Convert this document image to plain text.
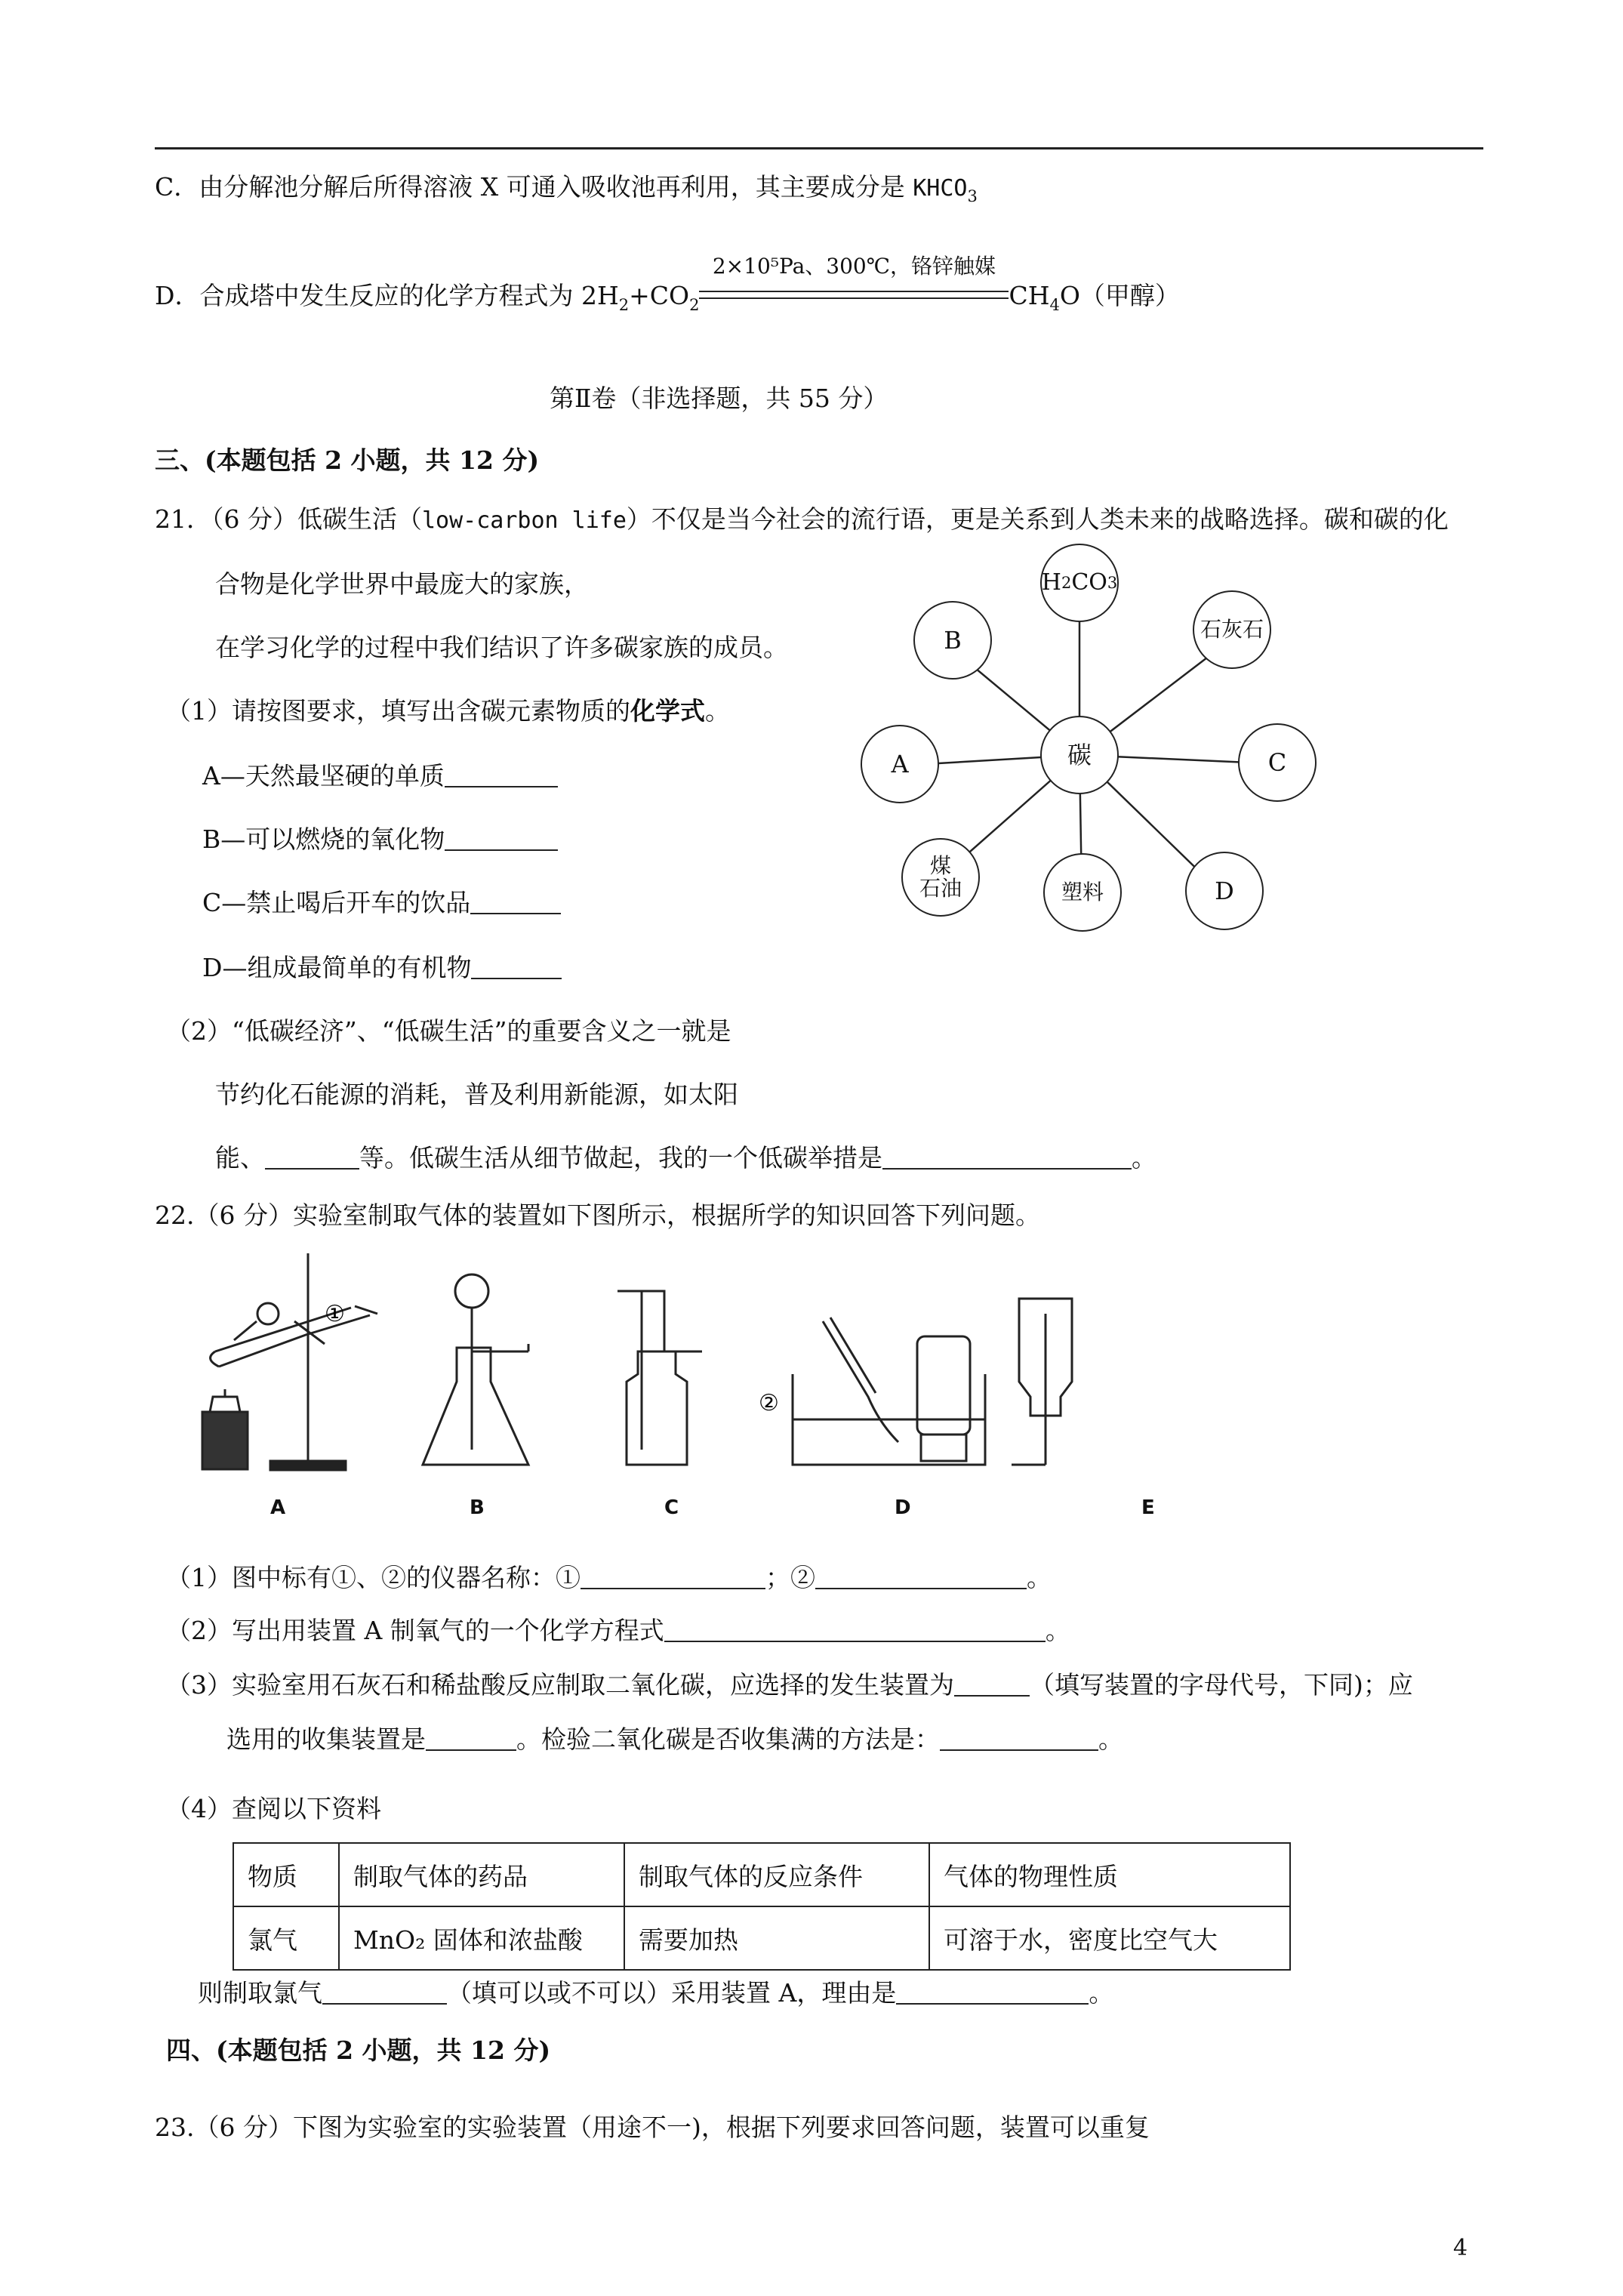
C．由分解池分解后所得溶液 X 可通入吸收池再利用，其主要成分是 $KHCO_3$
D．合成塔中发生反应的化学方程式为 $2H_2+CO_2$
2×10⁵Pa、300℃，铬锌触媒
$CH_4O$（甲醇）
第Ⅱ卷（非选择题，共 55 分）
三、(本题包括 2 小题，共 12 分)
21．（6 分）低碳生活（low-carbon life）不仅是当今社会的流行语，更是关系到人类未来的战略选择。碳和碳的化
合物是化学世界中最庞大的家族，
在学习化学的过程中我们结识了许多碳家族的成员。
（1）请按图要求，填写出含碳元素物质的化学式。
A—天然最坚硬的单质
B—可以燃烧的氧化物
C—禁止喝后开车的饮品
D—组成最简单的有机物
（2）“低碳经济”、“低碳生活”的重要含义之一就是
节约化石能源的消耗，普及利用新能源，如太阳
能、	等。低碳生活从细节做起，我的一个低碳举措是	。
碳
H 2 CO 3
B	石灰石
A	C
煤
石油	塑料	D
22.（6 分）实验室制取气体的装置如下图所示，根据所学的知识回答下列问题。
①
②
A	B	C	D	E
（1）图中标有①、②的仪器名称：①	；②	。
（2）写出用装置 A 制氧气的一个化学方程式	。
（3）实验室用石灰石和稀盐酸反应制取二氧化碳，应选择的发生装置为	（填写装置的字母代号，下同)；应
选用的收集装置是	。检验二氧化碳是否收集满的方法是：	。
（4）查阅以下资料
物质	制取气体的药品	制取气体的反应条件	气体的物理性质
氯气	MnO₂ 固体和浓盐酸	需要加热	可溶于水，密度比空气大
则制取氯气	（填可以或不可以）采用装置 A，理由是	。
四、(本题包括 2 小题，共 12 分)
23.（6 分）下图为实验室的实验装置（用途不一)，根据下列要求回答问题，装置可以重复
4
